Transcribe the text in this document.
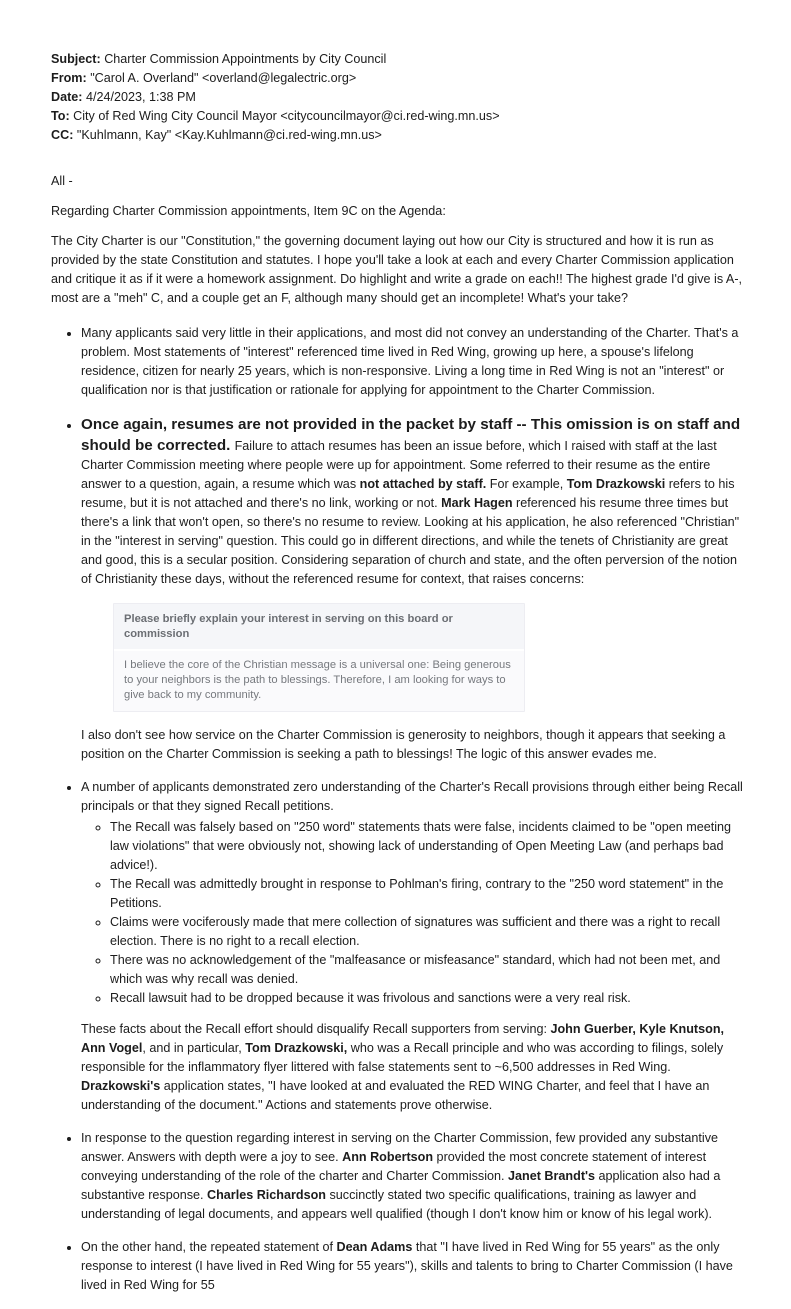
Subject: Charter Commission Appointments by City Council
From: "Carol A. Overland" <overland@legalectric.org>
Date: 4/24/2023, 1:38 PM
To: City of Red Wing City Council Mayor <citycouncilmayor@ci.red-wing.mn.us>
CC: "Kuhlmann, Kay" <Kay.Kuhlmann@ci.red-wing.mn.us>

All -

Regarding Charter Commission appointments, Item 9C on the Agenda:

The City Charter is our "Constitution," the governing document laying out how our City is structured and how it is run as provided by the state Constitution and statutes. I hope you'll take a look at each and every Charter Commission application and critique it as if it were a homework assignment. Do highlight and write a grade on each!! The highest grade I'd give is A-, most are a "meh" C, and a couple get an F, although many should get an incomplete! What's your take?

• Many applicants said very little in their applications, and most did not convey an understanding of the Charter. That's a problem. Most statements of "interest" referenced time lived in Red Wing, growing up here, a spouse's lifelong residence, citizen for nearly 25 years, which is non-responsive. Living a long time in Red Wing is not an "interest" or qualification nor is that justification or rationale for applying for appointment to the Charter Commission.
• Once again, resumes are not provided in the packet by staff -- This omission is on staff and should be corrected. Failure to attach resumes has been an issue before, which I raised with staff at the last Charter Commission meeting where people were up for appointment. Some referred to their resume as the entire answer to a question, again, a resume which was not attached by staff. For example, Tom Drazkowski refers to his resume, but it is not attached and there's no link, working or not. Mark Hagen referenced his resume three times but there's a link that won't open, so there's no resume to review. Looking at his application, he also referenced "Christian" in the "interest in serving" question. This could go in different directions, and while the tenets of Christianity are great and good, this is a secular position. Considering separation of church and state, and the often perversion of the notion of Christianity these days, without the referenced resume for context, that raises concerns:
Please briefly explain your interest in serving on this board or commission
I believe the core of the Christian message is a universal one: Being generous to your neighbors is the path to blessings. Therefore, I am looking for ways to give back to my community.
I also don't see how service on the Charter Commission is generosity to neighbors, though it appears that seeking a position on the Charter Commission is seeking a path to blessings! The logic of this answer evades me.
• A number of applicants demonstrated zero understanding of the Charter's Recall provisions through either being Recall principals or that they signed Recall petitions.
◦ The Recall was falsely based on "250 word" statements thats were false, incidents claimed to be "open meeting law violations" that were obviously not, showing lack of understanding of Open Meeting Law (and perhaps bad advice!).
◦ The Recall was admittedly brought in response to Pohlman's firing, contrary to the "250 word statement" in the Petitions.
◦ Claims were vociferously made that mere collection of signatures was sufficient and there was a right to recall election. There is no right to a recall election.
◦ There was no acknowledgement of the "malfeasance or misfeasance" standard, which had not been met, and which was why recall was denied.
◦ Recall lawsuit had to be dropped because it was frivolous and sanctions were a very real risk.
These facts about the Recall effort should disqualify Recall supporters from serving: John Guerber, Kyle Knutson, Ann Vogel, and in particular, Tom Drazkowski, who was a Recall principle and who was according to filings, solely responsible for the inflammatory flyer littered with false statements sent to ~6,500 addresses in Red Wing. Drazkowski's application states, "I have looked at and evaluated the RED WING Charter, and feel that I have an understanding of the document." Actions and statements prove otherwise.
• In response to the question regarding interest in serving on the Charter Commission, few provided any substantive answer. Answers with depth were a joy to see. Ann Robertson provided the most concrete statement of interest conveying understanding of the role of the charter and Charter Commission. Janet Brandt's application also had a substantive response. Charles Richardson succinctly stated two specific qualifications, training as lawyer and understanding of legal documents, and appears well qualified (though I don't know him or know of his legal work).
• On the other hand, the repeated statement of Dean Adams that "I have lived in Red Wing for 55 years" as the only response to interest (I have lived in Red Wing for 55 years"), skills and talents to bring to Charter Commission (I have lived in Red Wing for 55
